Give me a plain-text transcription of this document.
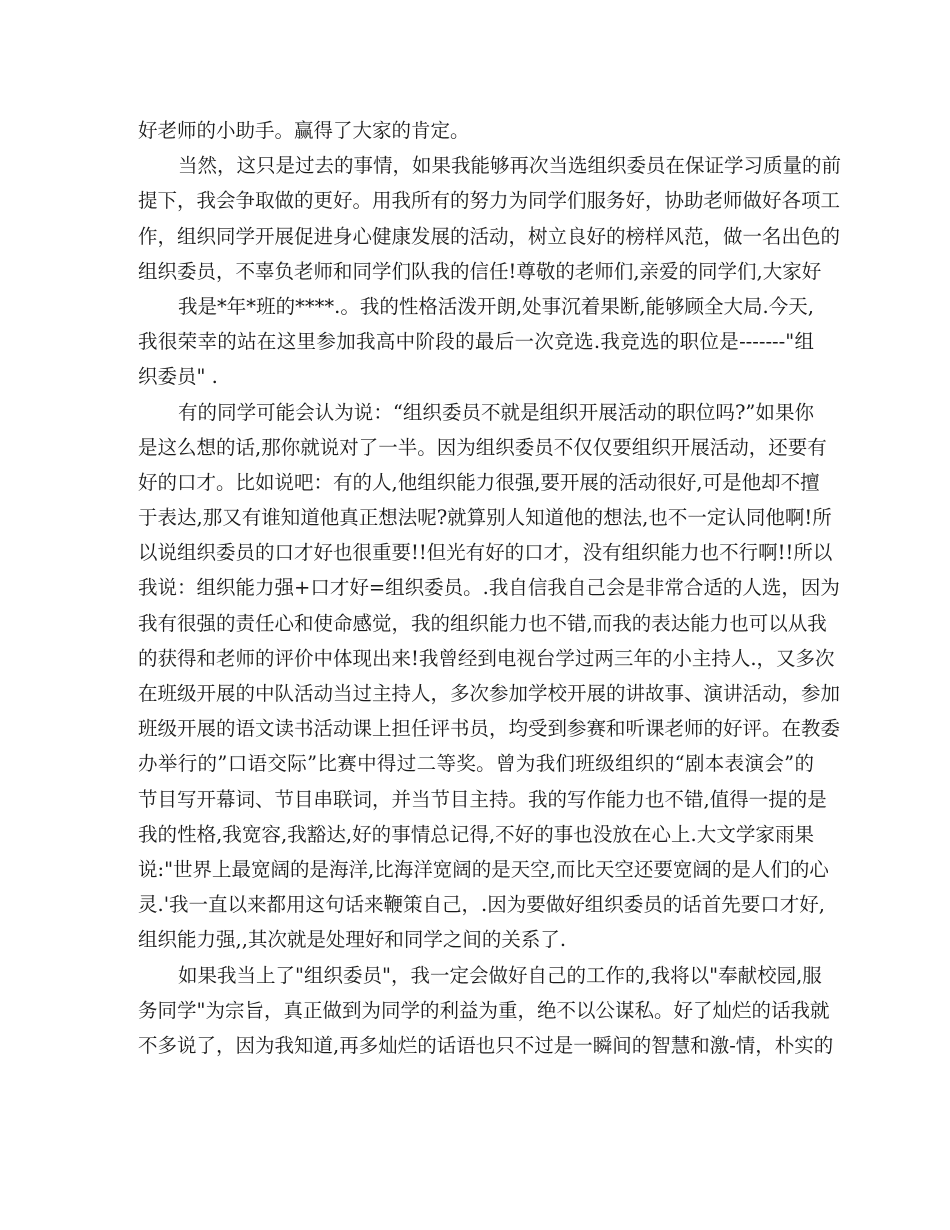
好老师的小助手。赢得了大家的肯定。
当然，这只是过去的事情，如果我能够再次当选组织委员在保证学习质量的前
提下，我会争取做的更好。用我所有的努力为同学们服务好，协助老师做好各项工
作，组织同学开展促进身心健康发展的活动，树立良好的榜样风范，做一名出色的
组织委员，不辜负老师和同学们队我的信任!尊敬的老师们,亲爱的同学们,大家好
我是*年*班的****.。我的性格活泼开朗,处事沉着果断,能够顾全大局.今天,
我很荣幸的站在这里参加我高中阶段的最后一次竞选.我竞选的职位是-------"组
织委员" .
有的同学可能会认为说：“组织委员不就是组织开展活动的职位吗?”如果你
是这么想的话,那你就说对了一半。因为组织委员不仅仅要组织开展活动，还要有
好的口才。比如说吧：有的人,他组织能力很强,要开展的活动很好,可是他却不擅
于表达,那又有谁知道他真正想法呢?就算别人知道他的想法,也不一定认同他啊!所
以说组织委员的口才好也很重要!!但光有好的口才，没有组织能力也不行啊!!所以
我说：组织能力强+口才好=组织委员。.我自信我自己会是非常合适的人选，因为
我有很强的责任心和使命感觉，我的组织能力也不错,而我的表达能力也可以从我
的获得和老师的评价中体现出来!我曾经到电视台学过两三年的小主持人.，又多次
在班级开展的中队活动当过主持人，多次参加学校开展的讲故事、演讲活动，参加
班级开展的语文读书活动课上担任评书员，均受到参赛和听课老师的好评。在教委
办举行的”口语交际”比赛中得过二等奖。曾为我们班级组织的“剧本表演会”的
节目写开幕词、节目串联词，并当节目主持。我的写作能力也不错,值得一提的是
我的性格,我宽容,我豁达,好的事情总记得,不好的事也没放在心上.大文学家雨果
说:"世界上最宽阔的是海洋,比海洋宽阔的是天空,而比天空还要宽阔的是人们的心
灵.'我一直以来都用这句话来鞭策自己，.因为要做好组织委员的话首先要口才好,
组织能力强,,其次就是处理好和同学之间的关系了.
如果我当上了"组织委员"，我一定会做好自己的工作的,我将以"奉献校园,服
务同学"为宗旨，真正做到为同学的利益为重，绝不以公谋私。好了灿烂的话我就
不多说了，因为我知道,再多灿烂的话语也只不过是一瞬间的智慧和激-情，朴实的
